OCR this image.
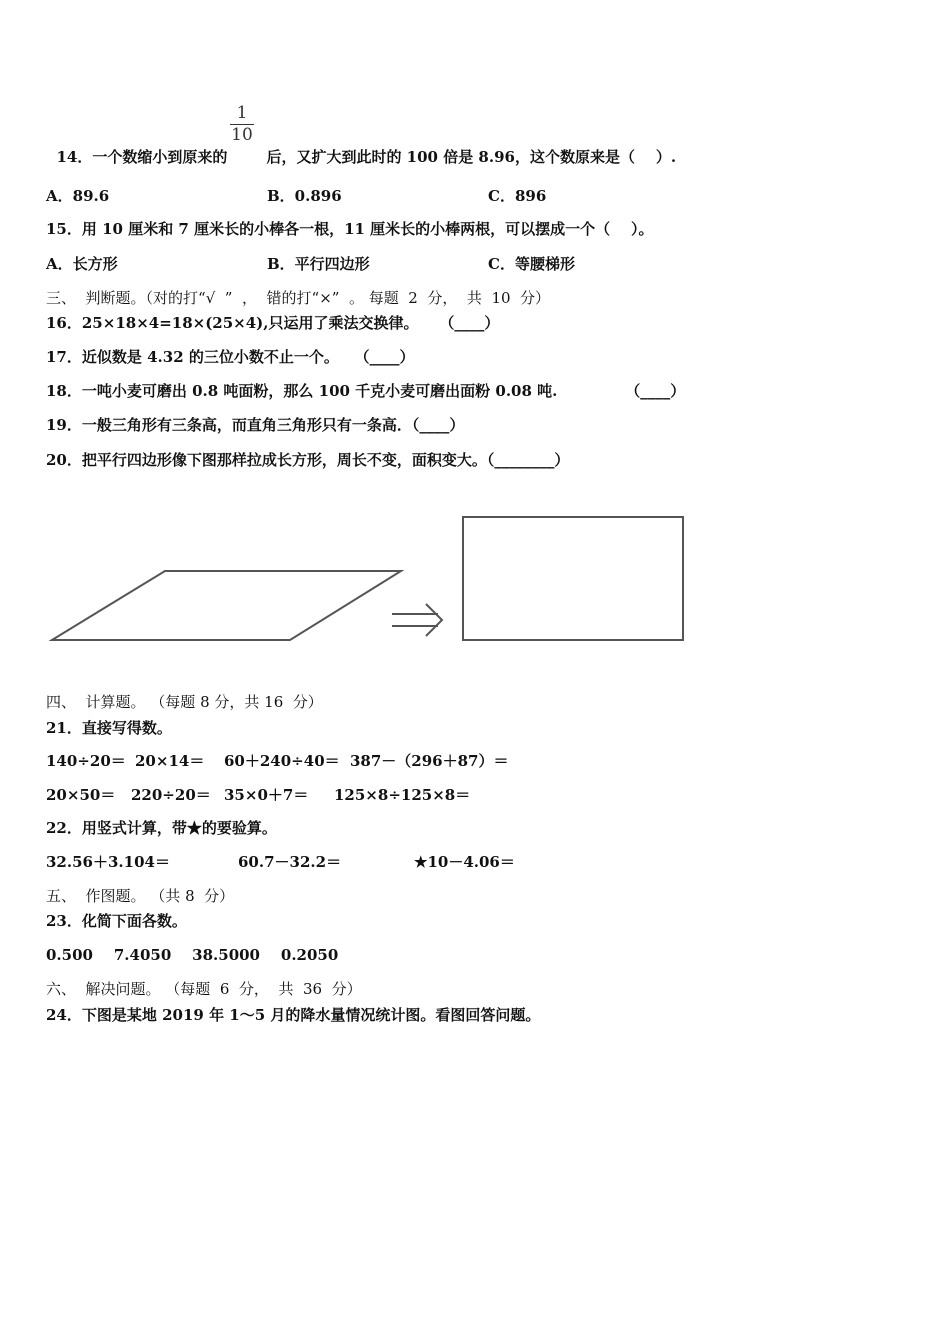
14．一个数缩小到原来的

1
10

后，又扩大到此时的 100 倍是 8.96，这个数原来是（    ）.

A．89.6	B．0.896	C．896
15．用 10 厘米和 7 厘米长的小棒各一根，11 厘米长的小棒两根，可以摆成一个（    ）。
A．长方形	B．平行四边形	C．等腰梯形
三、  判断题。（对的打“√  ”  ，  错的打“×”  。 每题  2  分，  共  10  分）
16．25×18×4=18×(25×4),只运用了乘法交换律。    （____）
17．近似数是 4.32 的三位小数不止一个。   （____）
18．一吨小麦可磨出 0.8 吨面粉，那么 100 千克小麦可磨出面粉 0.08 吨.             （____）
19．一般三角形有三条高，而直角三角形只有一条高．（____）
20．把平行四边形像下图那样拉成长方形，周长不变，面积变大。（________）
四、  计算题。 （每题 8 分，共 16  分）
21．直接写得数。
140÷20＝ 20×14＝ 60＋240÷40＝ 387－（296＋87）＝
20×50＝ 220÷20＝ 35×0＋7＝ 125×8÷125×8＝
22．用竖式计算，带★的要验算。
32.56＋3.104＝	60.7－32.2＝	★10－4.06＝
五、  作图题。 （共 8  分）
23．化简下面各数。
0.500    7.4050    38.5000    0.2050
六、  解决问题。 （每题  6  分，  共  36  分）
24．下图是某地 2019 年 1～5 月的降水量情况统计图。看图回答问题。
